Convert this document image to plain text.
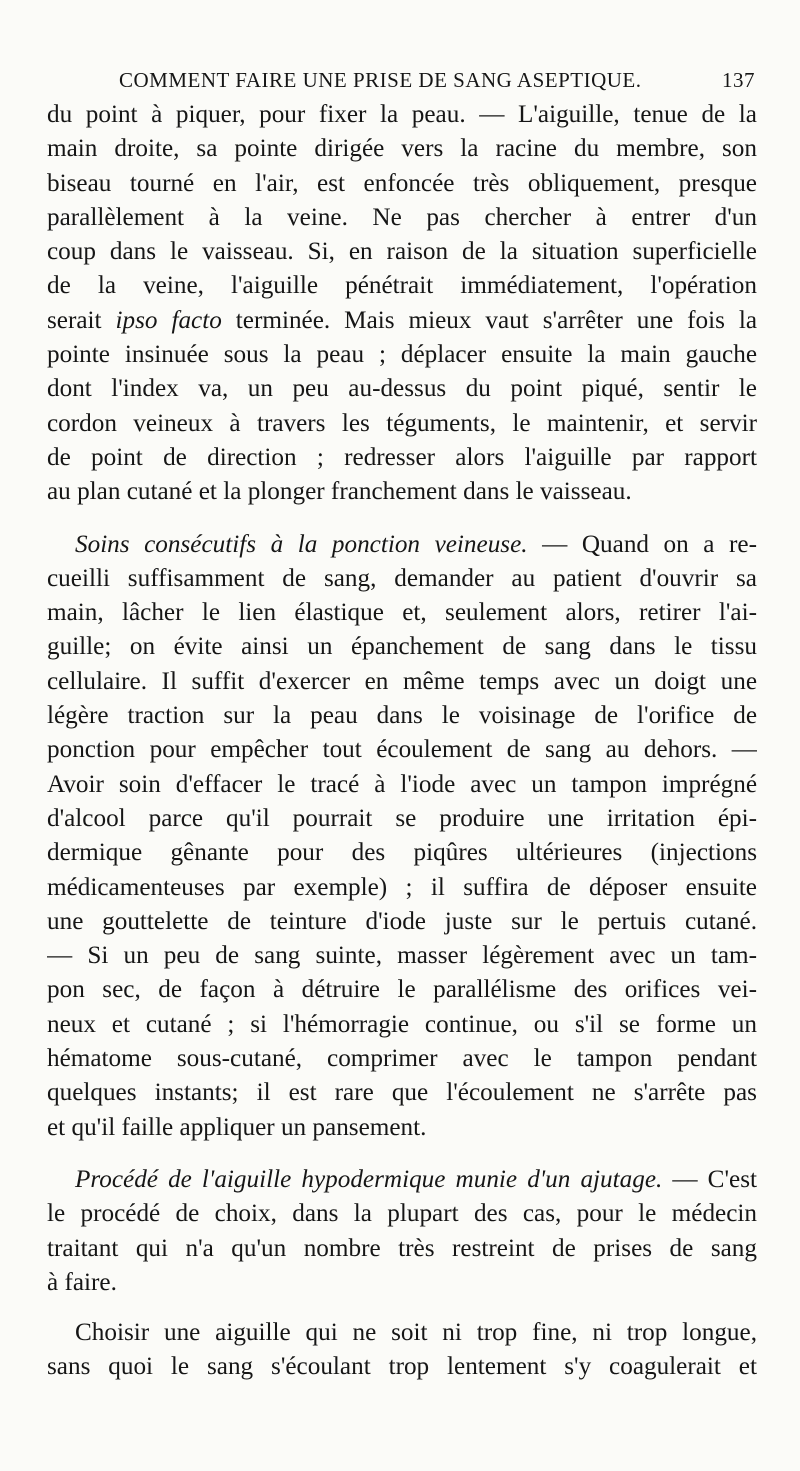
COMMENT FAIRE UNE PRISE DE SANG ASEPTIQUE.	137
du point à piquer, pour fixer la peau. — L'aiguille, tenue de la
main droite, sa pointe dirigée vers la racine du membre, son
biseau tourné en l'air, est enfoncée très obliquement, presque
parallèlement à la veine. Ne pas chercher à entrer d'un
coup dans le vaisseau. Si, en raison de la situation superficielle
de la veine, l'aiguille pénétrait immédiatement, l'opération
serait ipso facto terminée. Mais mieux vaut s'arrêter une fois la
pointe insinuée sous la peau ; déplacer ensuite la main gauche
dont l'index va, un peu au-dessus du point piqué, sentir le
cordon veineux à travers les téguments, le maintenir, et servir
de point de direction ; redresser alors l'aiguille par rapport
au plan cutané et la plonger franchement dans le vaisseau.
Soins consécutifs à la ponction veineuse. — Quand on a re-
cueilli suffisamment de sang, demander au patient d'ouvrir sa
main, lâcher le lien élastique et, seulement alors, retirer l'ai-
guille; on évite ainsi un épanchement de sang dans le tissu
cellulaire. Il suffit d'exercer en même temps avec un doigt une
légère traction sur la peau dans le voisinage de l'orifice de
ponction pour empêcher tout écoulement de sang au dehors. —
Avoir soin d'effacer le tracé à l'iode avec un tampon imprégné
d'alcool parce qu'il pourrait se produire une irritation épi-
dermique gênante pour des piqûres ultérieures (injections
médicamenteuses par exemple) ; il suffira de déposer ensuite
une gouttelette de teinture d'iode juste sur le pertuis cutané.
— Si un peu de sang suinte, masser légèrement avec un tam-
pon sec, de façon à détruire le parallélisme des orifices vei-
neux et cutané ; si l'hémorragie continue, ou s'il se forme un
hématome sous-cutané, comprimer avec le tampon pendant
quelques instants; il est rare que l'écoulement ne s'arrête pas
et qu'il faille appliquer un pansement.
Procédé de l'aiguille hypodermique munie d'un ajutage. — C'est
le procédé de choix, dans la plupart des cas, pour le médecin
traitant qui n'a qu'un nombre très restreint de prises de sang
à faire.
Choisir une aiguille qui ne soit ni trop fine, ni trop longue,
sans quoi le sang s'écoulant trop lentement s'y coagulerait et
